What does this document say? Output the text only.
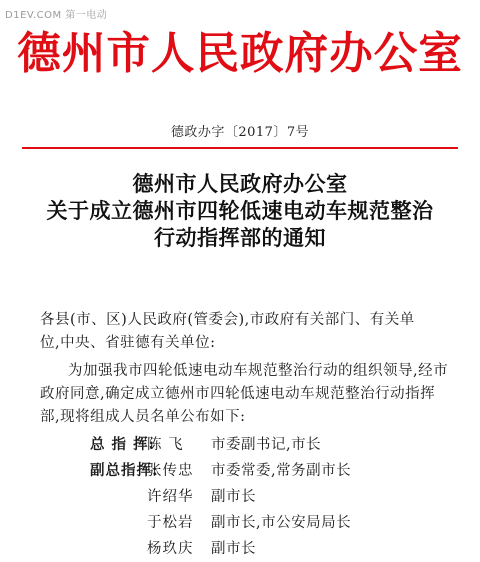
D1EV.COM 第一电动
德州市人民政府办公室
德政办字〔2017〕7号
德州市人民政府办公室
关于成立德州市四轮低速电动车规范整治
行动指挥部的通知
各县(市、区)人民政府(管委会),市政府有关部门、有关单
位,中央、省驻德有关单位:
为加强我市四轮低速电动车规范整治行动的组织领导,经市
政府同意,确定成立德州市四轮低速电动车规范整治行动指挥
部,现将组成人员名单公布如下:
总 指 挥:
陈 飞 市委副书记,市长
副总指挥:
张传忠 市委常委,常务副市长
许绍华 副市长
于松岩 副市长,市公安局局长
杨玖庆 副市长
